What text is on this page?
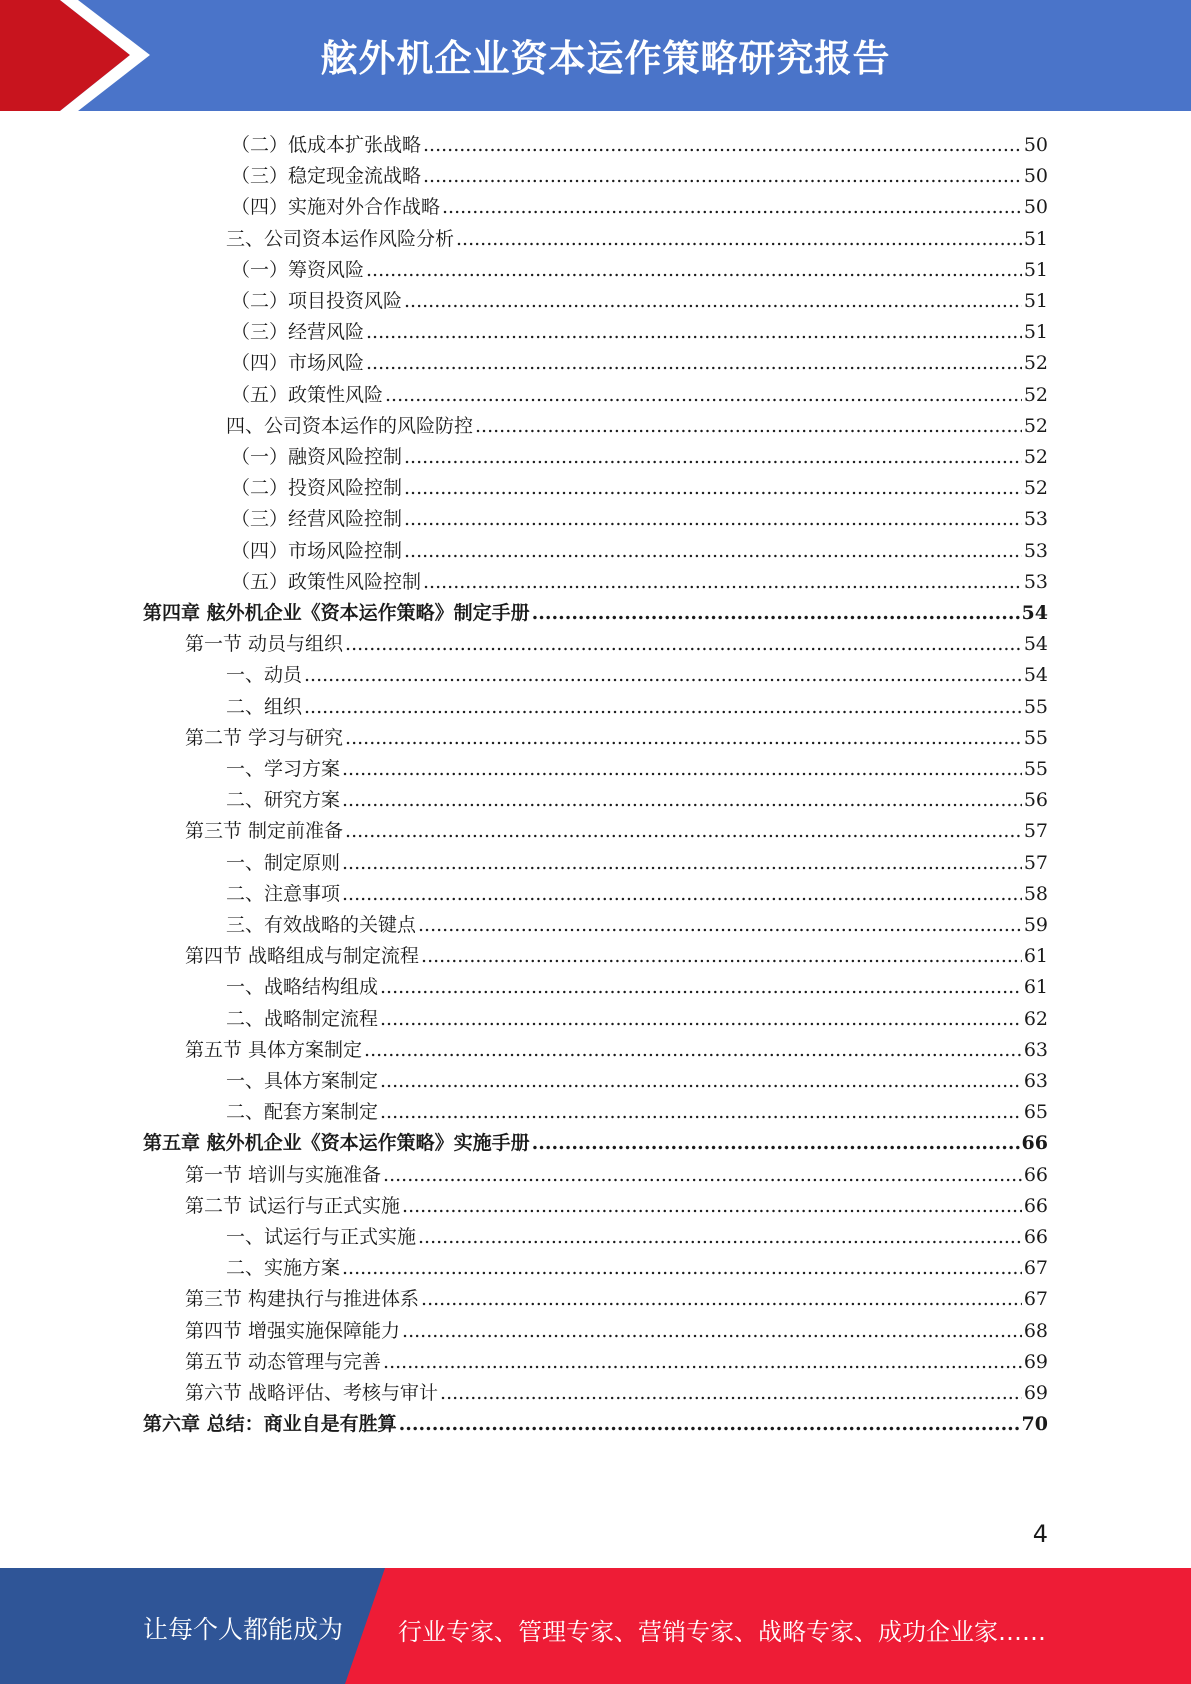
舷外机企业资本运作策略研究报告
（二）低成本扩张战略 .....	50
（三）稳定现金流战略 .....	50
（四）实施对外合作战略 .....	50
三、公司资本运作风险分析 .....	51
（一）筹资风险 .....	51
（二）项目投资风险 .....	51
（三）经营风险 .....	51
（四）市场风险 .....	52
（五）政策性风险 .....	52
四、公司资本运作的风险防控 .....	52
（一）融资风险控制 .....	52
（二）投资风险控制 .....	52
（三）经营风险控制 .....	53
（四）市场风险控制 .....	53
（五）政策性风险控制 .....	53
第四章 舷外机企业《资本运作策略》制定手册 .....	54
第一节 动员与组织 .....	54
一、动员 .....	54
二、组织 .....	55
第二节 学习与研究 .....	55
一、学习方案 .....	55
二、研究方案 .....	56
第三节 制定前准备 .....	57
一、制定原则 .....	57
二、注意事项 .....	58
三、有效战略的关键点 .....	59
第四节 战略组成与制定流程 .....	61
一、战略结构组成 .....	61
二、战略制定流程 .....	62
第五节 具体方案制定 .....	63
一、具体方案制定 .....	63
二、配套方案制定 .....	65
第五章 舷外机企业《资本运作策略》实施手册 .....	66
第一节 培训与实施准备 .....	66
第二节 试运行与正式实施 .....	66
一、试运行与正式实施 .....	66
二、实施方案 .....	67
第三节 构建执行与推进体系 .....	67
第四节 增强实施保障能力 .....	68
第五节 动态管理与完善 .....	69
第六节 战略评估、考核与审计 .....	69
第六章 总结：商业自是有胜算 .....	70
4
让每个人都能成为 行业专家、管理专家、营销专家、战略专家、成功企业家……
